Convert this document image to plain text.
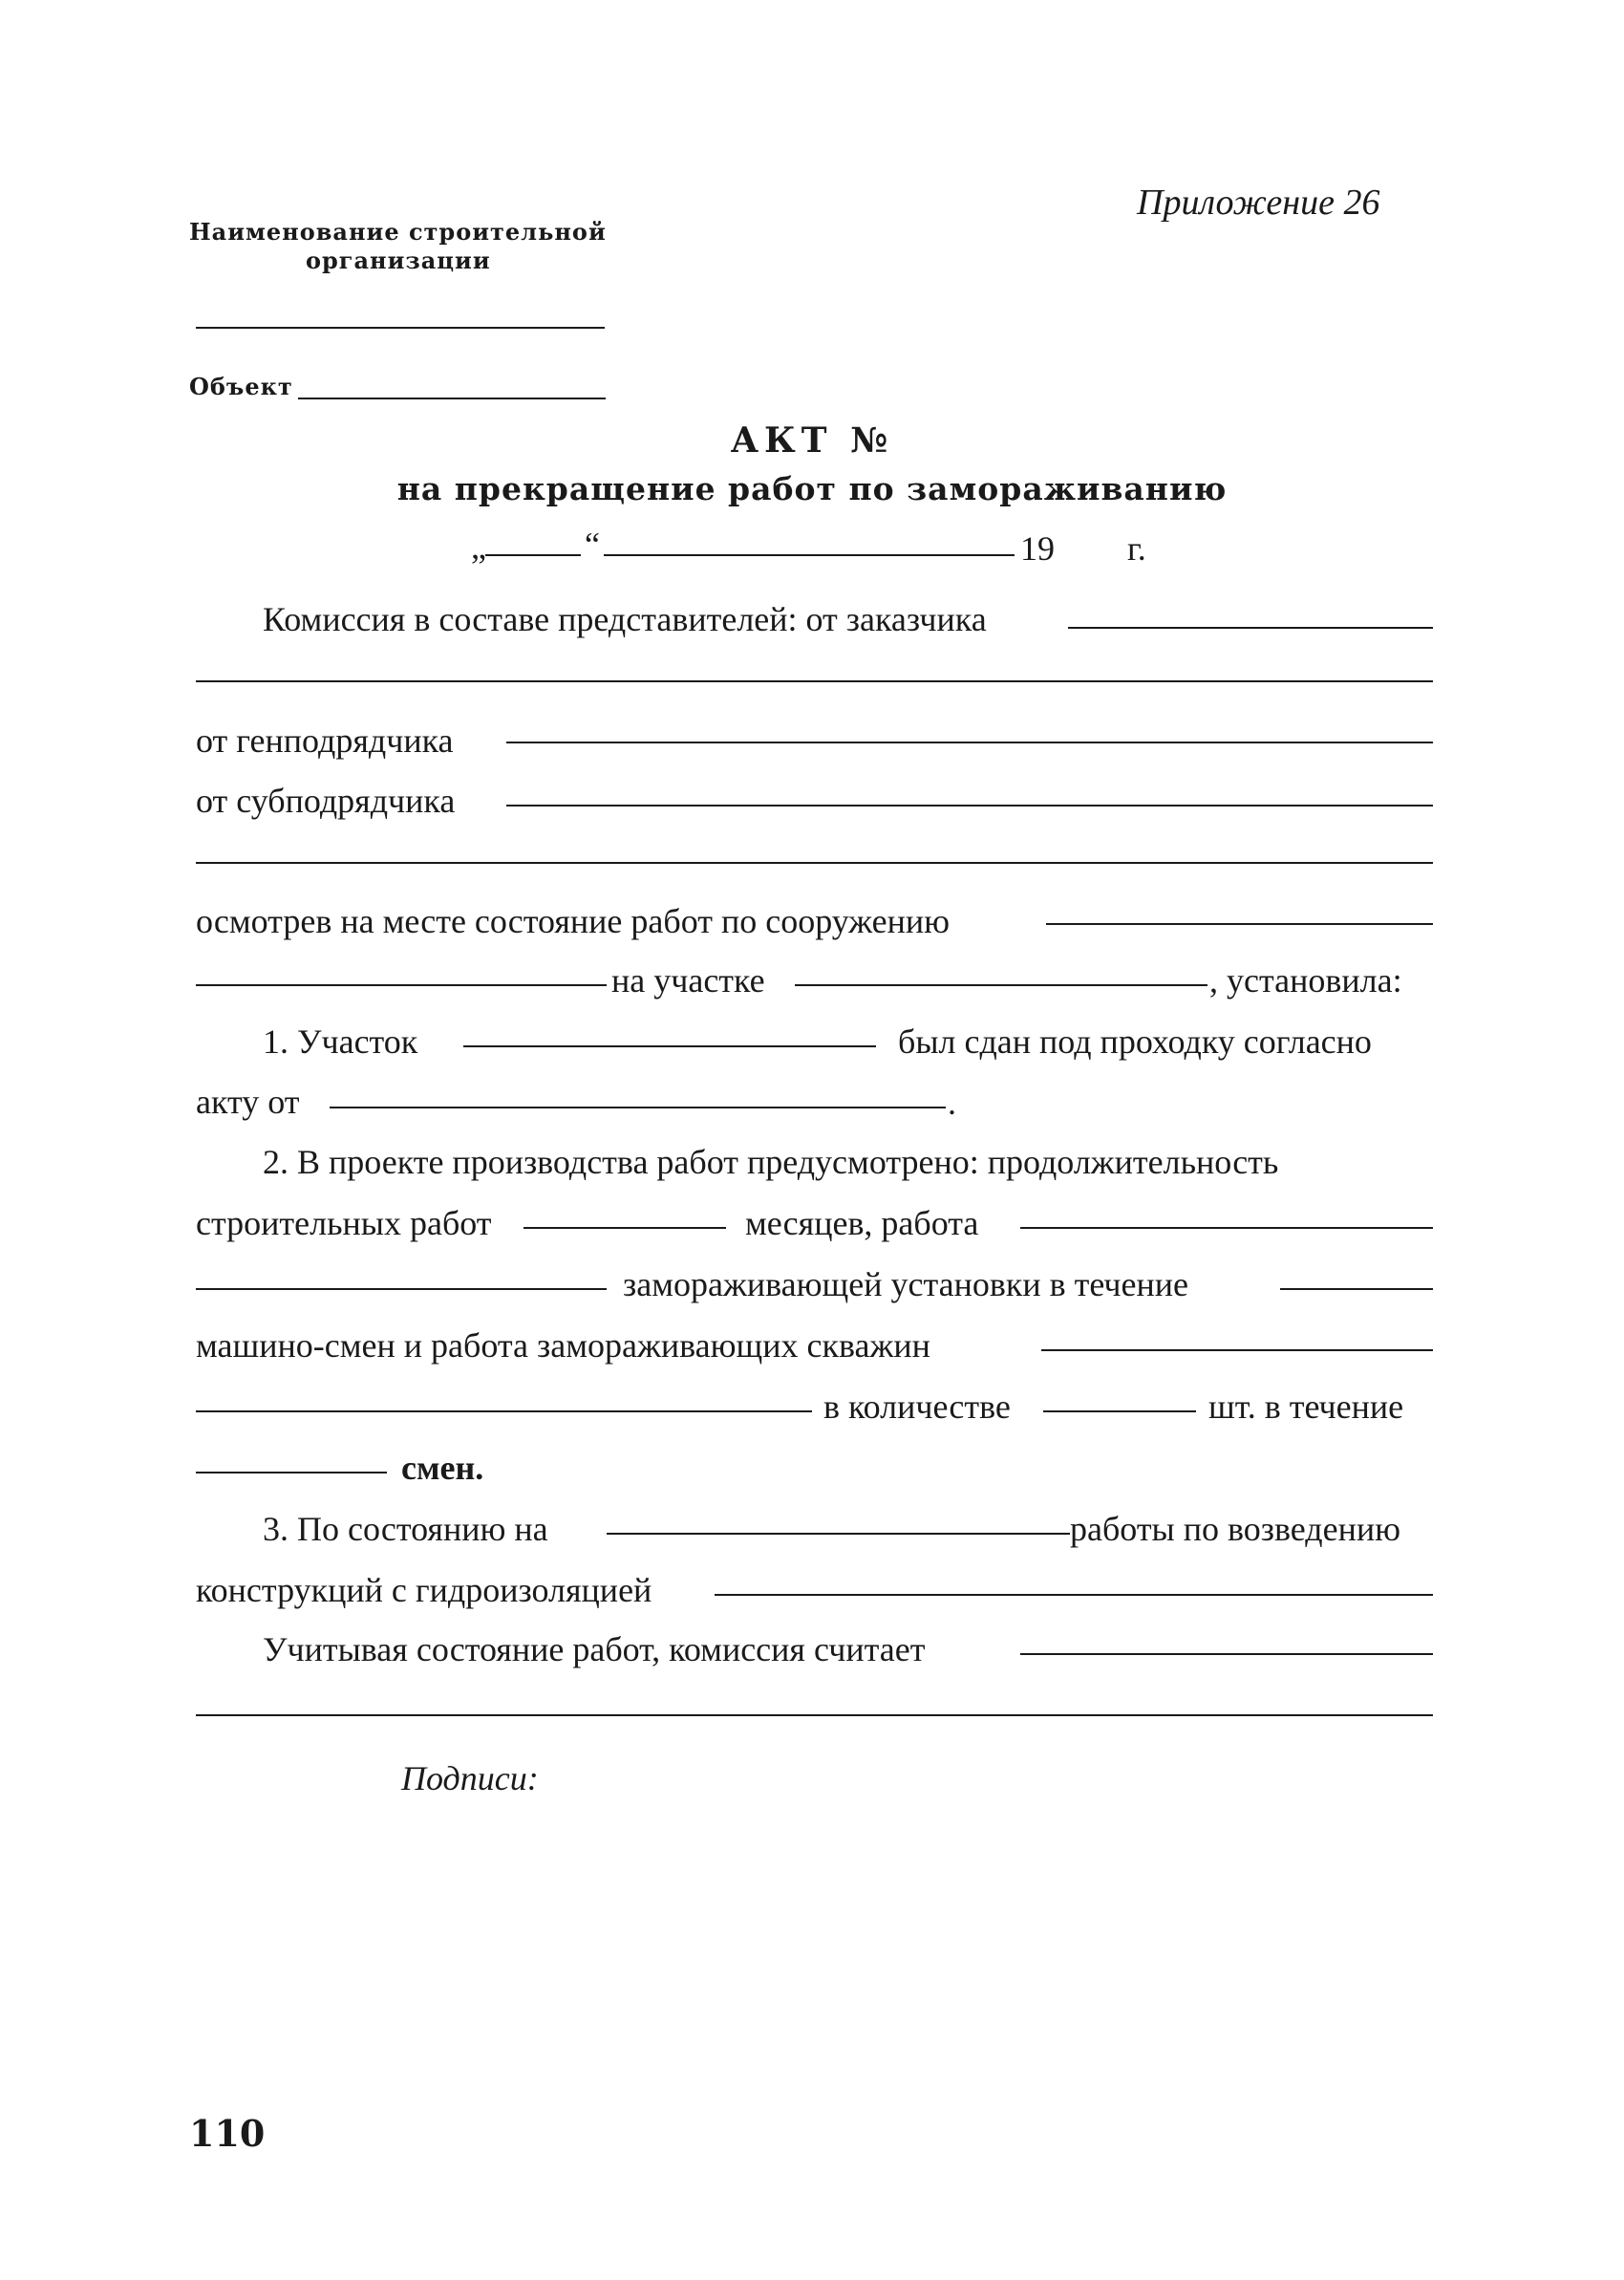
Приложение 26
Наименование строительной
организации
Объект
АКТ №
на прекращение работ по замораживанию
„	“	19 г.
Комиссия в составе представителей: от заказчика
от генподрядчика
от субподрядчика
осмотрев на месте состояние работ по сооружению
на участке	, установила:
1. Участок	был сдан под проходку согласно
акту от	.
2. В проекте производства работ предусмотрено: продолжительность
строительных работ	месяцев, работа
замораживающей установки в течение
машино-смен и работа замораживающих скважин
в количестве	шт. в течение
смен.
3. По состоянию на	работы по возведению
конструкций с гидроизоляцией
Учитывая состояние работ, комиссия считает
Подписи:
110
